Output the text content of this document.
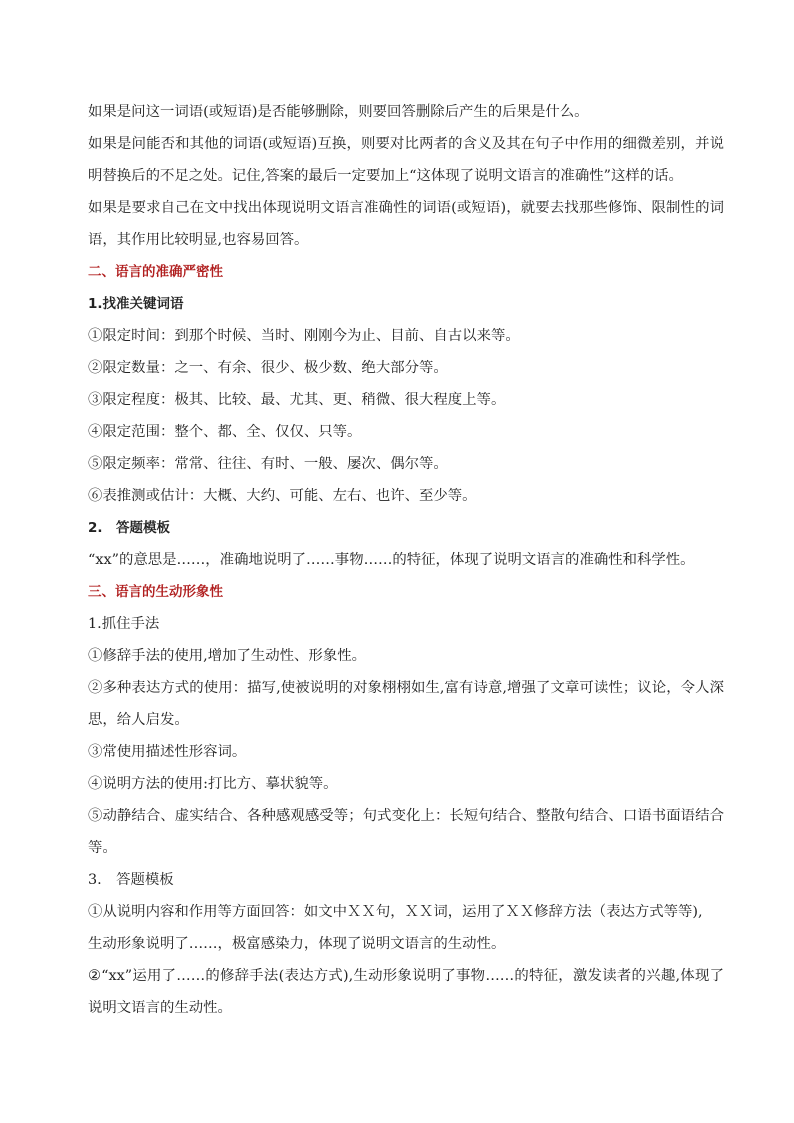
如果是问这一词语(或短语)是否能够删除，则要回答删除后产生的后果是什么。
如果是问能否和其他的词语(或短语)互换，则要对比两者的含义及其在句子中作用的细微差别，并说明替换后的不足之处。记住,答案的最后一定要加上“这体现了说明文语言的准确性”这样的话。
如果是要求自己在文中找出体现说明文语言准确性的词语(或短语)，就要去找那些修饰、限制性的词语，其作用比较明显,也容易回答。
二、语言的准确严密性
1.找准关键词语
①限定时间：到那个时候、当时、刚刚今为止、目前、自古以来等。
②限定数量：之一、有余、很少、极少数、绝大部分等。
③限定程度：极其、比较、最、尤其、更、稍微、很大程度上等。
④限定范围：整个、都、全、仅仅、只等。
⑤限定频率：常常、往往、有时、一般、屡次、偶尔等。
⑥表推测或估计：大概、大约、可能、左右、也许、至少等。
2.　答题模板
“xx”的意思是……，准确地说明了……事物……的特征，体现了说明文语言的准确性和科学性。
三、语言的生动形象性
1.抓住手法
①修辞手法的使用,增加了生动性、形象性。
②多种表达方式的使用：描写,使被说明的对象栩栩如生,富有诗意,增强了文章可读性；议论，令人深思，给人启发。
③常使用描述性形容词。
④说明方法的使用:打比方、摹状貌等。
⑤动静结合、虚实结合、各种感观感受等；句式变化上：长短句结合、整散句结合、口语书面语结合等。
3.　答题模板
①从说明内容和作用等方面回答：如文中ＸＸ句，ＸＸ词，运用了ＸＸ修辞方法（表达方式等等),
生动形象说明了……，极富感染力，体现了说明文语言的生动性。
②“xx”运用了……的修辞手法(表达方式),生动形象说明了事物……的特征，激发读者的兴趣,体现了说明文语言的生动性。
